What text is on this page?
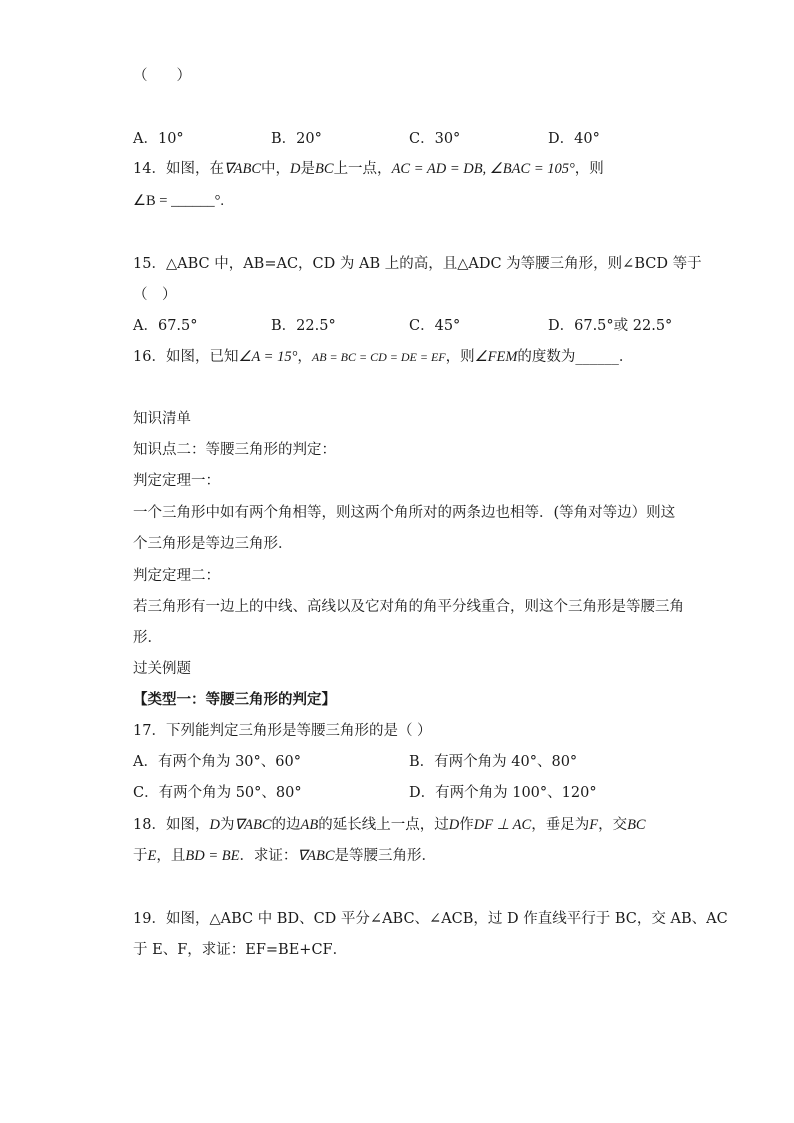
（　　）
A．10°	B．20°	C．30°	D．40°
14．如图，在∇ABC中，D是BC上一点，AC = AD = DB, ∠BAC = 105°，则
∠B = ______°.
15．△ABC 中，AB=AC，CD 为 AB 上的高，且△ADC 为等腰三角形，则∠BCD 等于
（　）
A．67.5°	B．22.5°	C．45°	D．67.5°或 22.5°
16．如图，已知∠A = 15°，AB = BC = CD = DE = EF，则∠FEM的度数为______．
知识清单
知识点二：等腰三角形的判定：
判定定理一：
一个三角形中如有两个角相等，则这两个角所对的两条边也相等．(等角对等边）则这
个三角形是等边三角形．
判定定理二：
若三角形有一边上的中线、高线以及它对角的角平分线重合，则这个三角形是等腰三角
形．
过关例题
【类型一：等腰三角形的判定】
17．下列能判定三角形是等腰三角形的是（ ）
A．有两个角为 30°、60°	B．有两个角为 40°、80°
C．有两个角为 50°、80°	D．有两个角为 100°、120°
18．如图，D为∇ABC的边AB的延长线上一点，过D作DF ⊥ AC，垂足为F，交BC
于E，且BD = BE．求证：∇ABC是等腰三角形．
19．如图，△ABC 中 BD、CD 平分∠ABC、∠ACB，过 D 作直线平行于 BC，交 AB、AC
于 E、F，求证：EF=BE+CF．
